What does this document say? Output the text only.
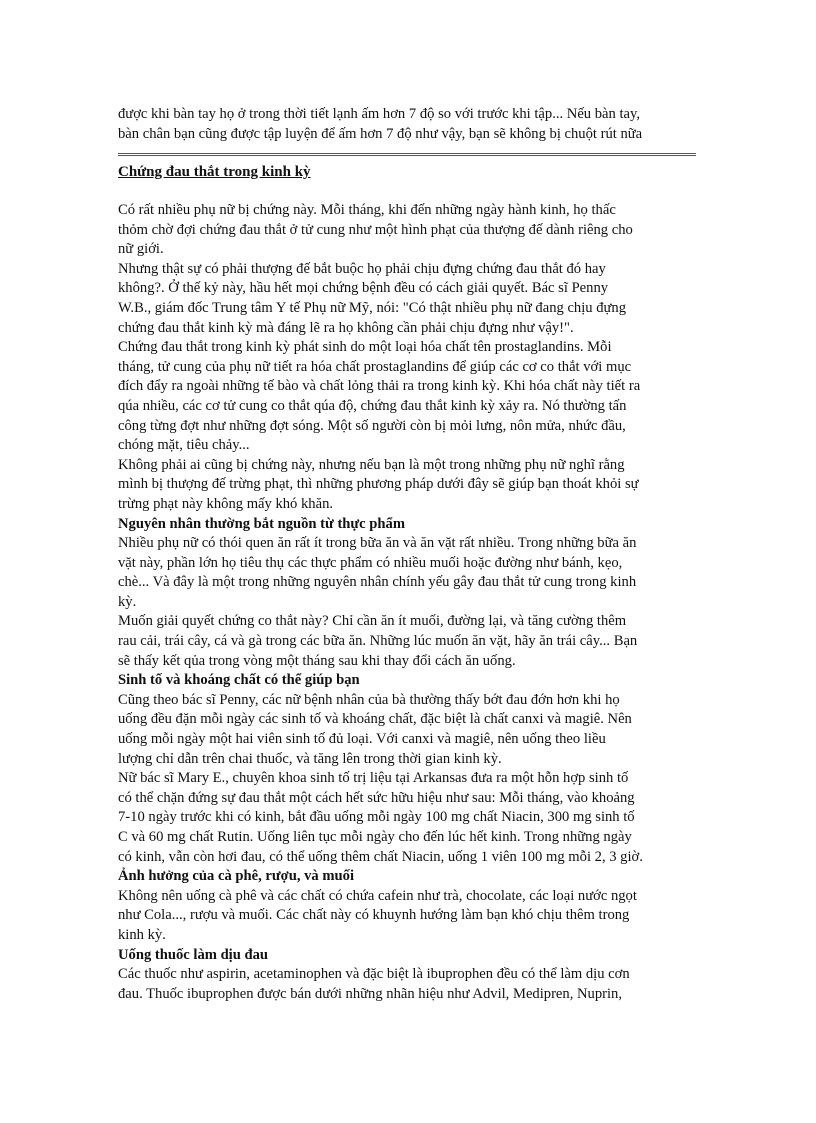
được khi bàn tay họ ở trong thời tiết lạnh ấm hơn 7 độ so với trước khi tập... Nếu bàn tay,

bàn chân bạn cũng được tập luyện để ấm hơn 7 độ như vậy, bạn sẽ không bị chuột rút nữa

Chứng đau thắt trong kinh kỳ

Có rất nhiều phụ nữ bị chứng này. Mỗi tháng, khi đến những ngày hành kinh, họ thấc
thỏm chờ đợi chứng đau thắt ở tử cung như một hình phạt của thượng đế dành riêng cho
nữ giới.

Nhưng thật sự có phải thượng đế bắt buộc họ phải chịu đựng chứng đau thắt đó hay
không?. Ở thế kỷ này, hầu hết mọi chứng bệnh đều có cách giải quyết. Bác sĩ Penny
W.B., giám đốc Trung tâm Y tế Phụ nữ Mỹ, nói: "Có thật nhiều phụ nữ đang chịu đựng
chứng đau thắt kinh kỳ mà đáng lẽ ra họ không cần phải chịu đựng như vậy!".

Chứng đau thắt trong kinh kỳ phát sinh do một loại hóa chất tên prostaglandins. Mỗi
tháng, tử cung của phụ nữ tiết ra hóa chất prostaglandins để giúp các cơ co thắt với mục
đích đẩy ra ngoài những tế bào và chất lỏng thải ra trong kinh kỳ. Khi hóa chất này tiết ra
qúa nhiều, các cơ tử cung co thắt qúa độ, chứng đau thắt kinh kỳ xảy ra. Nó thường tấn
công từng đợt như những đợt sóng. Một số người còn bị mỏi lưng, nôn mửa, nhức đầu,
chóng mặt, tiêu chảy...

Không phải ai cũng bị chứng này, nhưng nếu bạn là một trong những phụ nữ nghĩ rằng
mình bị thượng đế trừng phạt, thì những phương pháp dưới đây sẽ giúp bạn thoát khỏi sự
trừng phạt này không mấy khó khăn.

Nguyên nhân thường bắt nguồn từ thực phẩm

Nhiều phụ nữ có thói quen ăn rất ít trong bữa ăn và ăn vặt rất nhiều. Trong những bữa ăn
vặt này, phần lớn họ tiêu thụ các thực phẩm có nhiều muối hoặc đường như bánh, kẹo,
chè... Và đây là một trong những nguyên nhân chính yếu gây đau thắt tử cung trong kinh
kỳ.

Muốn giải quyết chứng co thắt này? Chỉ cần ăn ít muối, đường lại, và tăng cường thêm
rau cải, trái cây, cá và gà trong các bữa ăn. Những lúc muốn ăn vặt, hãy ăn trái cây... Bạn
sẽ thấy kết qủa trong vòng một tháng sau khi thay đổi cách ăn uống.

Sinh tố và khoáng chất có thể giúp bạn

Cũng theo bác sĩ Penny, các nữ bệnh nhân của bà thường thấy bớt đau đớn hơn khi họ
uống đều đặn mỗi ngày các sinh tố và khoáng chất, đặc biệt là chất canxi và magiê. Nên
uống mỗi ngày một hai viên sinh tố đủ loại. Với canxi và magiê, nên uống theo liều
lượng chỉ dẫn trên chai thuốc, và tăng lên trong thời gian kinh kỳ.

Nữ bác sĩ Mary E., chuyên khoa sinh tố trị liệu tại Arkansas đưa ra một hỗn hợp sinh tố
có thể chặn đứng sự đau thắt một cách hết sức hữu hiệu như sau: Mỗi tháng, vào khoảng
7-10 ngày trước khi có kinh, bắt đầu uống mỗi ngày 100 mg chất Niacin, 300 mg sinh tố
C và 60 mg chất Rutin. Uống liên tục mỗi ngày cho đến lúc hết kinh. Trong những ngày
có kinh, vẫn còn hơi đau, có thể uống thêm chất Niacin, uống 1 viên 100 mg mỗi 2, 3 giờ.

Ảnh hưởng của cà phê, rượu, và muối

Không nên uống cà phê và các chất có chứa cafein như trà, chocolate, các loại nước ngọt
như Cola..., rượu và muối. Các chất này có khuynh hướng làm bạn khó chịu thêm trong
kinh kỳ.

Uống thuốc làm dịu đau

Các thuốc như aspirin, acetaminophen và đặc biệt là ibuprophen đều có thể làm dịu cơn
đau. Thuốc ibuprophen được bán dưới những nhãn hiệu như Advil, Medipren, Nuprin,
